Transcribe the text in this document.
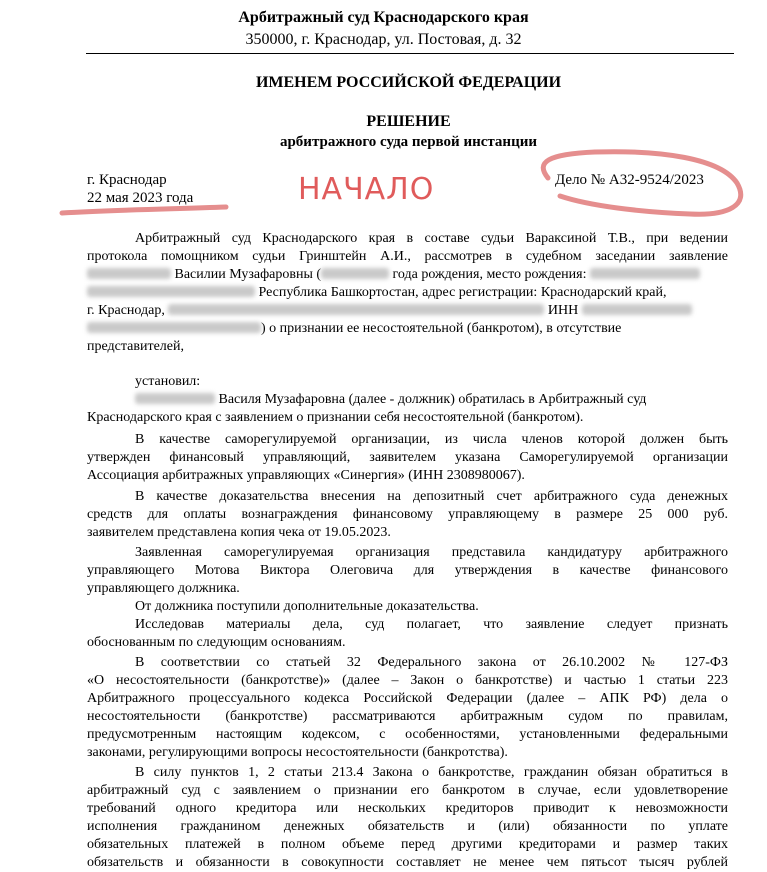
Арбитражный суд Краснодарского края
350000, г. Краснодар, ул. Постовая, д. 32
ИМЕНЕМ РОССИЙСКОЙ ФЕДЕРАЦИИ
РЕШЕНИЕ
арбитражного суда первой инстанции
г. Краснодар
22 мая 2023 года
Дело № А32-9524/2023
НАЧАЛО
Арбитражный суд Краснодарского края в составе судьи Вараксиной Т.В., при ведении
протокола помощником судьи Гринштейн А.И., рассмотрев в судебном заседании заявление
Василии Музафаровны (	года рождения, место рождения:
Республика Башкортостан, адрес регистрации: Краснодарский край,
г. Краснодар,	ИНН
) о признании ее несостоятельной (банкротом), в отсутствие
представителей,
установил:
Василя Музафаровна (далее - должник) обратилась в Арбитражный суд
Краснодарского края с заявлением о признании себя несостоятельной (банкротом).
В качестве саморегулируемой организации, из числа членов которой должен быть
утвержден финансовый управляющий, заявителем указана Саморегулируемой организации
Ассоциация арбитражных управляющих «Синергия» (ИНН 2308980067).
В качестве доказательства внесения на депозитный счет арбитражного суда денежных
средств для оплаты вознаграждения финансовому управляющему в размере 25 000 руб.
заявителем представлена копия чека от 19.05.2023.
Заявленная саморегулируемая организация представила кандидатуру арбитражного
управляющего Мотова Виктора Олеговича для утверждения в качестве финансового
управляющего должника.
От должника поступили дополнительные доказательства.
Исследовав материалы дела, суд полагает, что заявление следует признать
обоснованным по следующим основаниям.
В соответствии со статьей 32 Федерального закона от 26.10.2002 № 127-ФЗ
«О несостоятельности (банкротстве)» (далее – Закон о банкротстве) и частью 1 статьи 223
Арбитражного процессуального кодекса Российской Федерации (далее – АПК РФ) дела о
несостоятельности (банкротстве) рассматриваются арбитражным судом по правилам,
предусмотренным настоящим кодексом, с особенностями, установленными федеральными
законами, регулирующими вопросы несостоятельности (банкротства).
В силу пунктов 1, 2 статьи 213.4 Закона о банкротстве, гражданин обязан обратиться в
арбитражный суд с заявлением о признании его банкротом в случае, если удовлетворение
требований одного кредитора или нескольких кредиторов приводит к невозможности
исполнения гражданином денежных обязательств и (или) обязанности по уплате
обязательных платежей в полном объеме перед другими кредиторами и размер таких
обязательств и обязанности в совокупности составляет не менее чем пятьсот тысяч рублей
